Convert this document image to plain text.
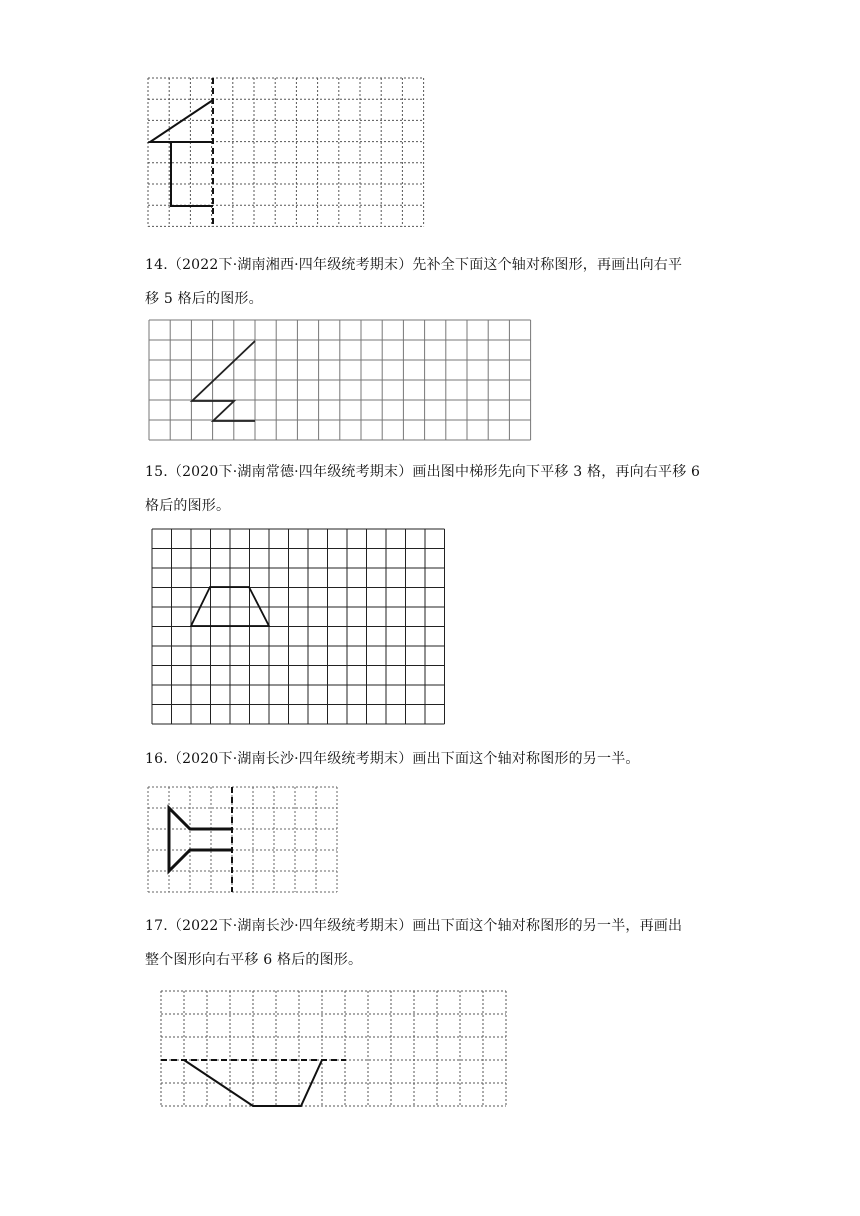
14.（2022下·湖南湘西·四年级统考期末）先补全下面这个轴对称图形，再画出向右平
移 5 格后的图形。
15.（2020下·湖南常德·四年级统考期末）画出图中梯形先向下平移 3 格，再向右平移 6
格后的图形。
16.（2020下·湖南长沙·四年级统考期末）画出下面这个轴对称图形的另一半。
17.（2022下·湖南长沙·四年级统考期末）画出下面这个轴对称图形的另一半，再画出
整个图形向右平移 6 格后的图形。
